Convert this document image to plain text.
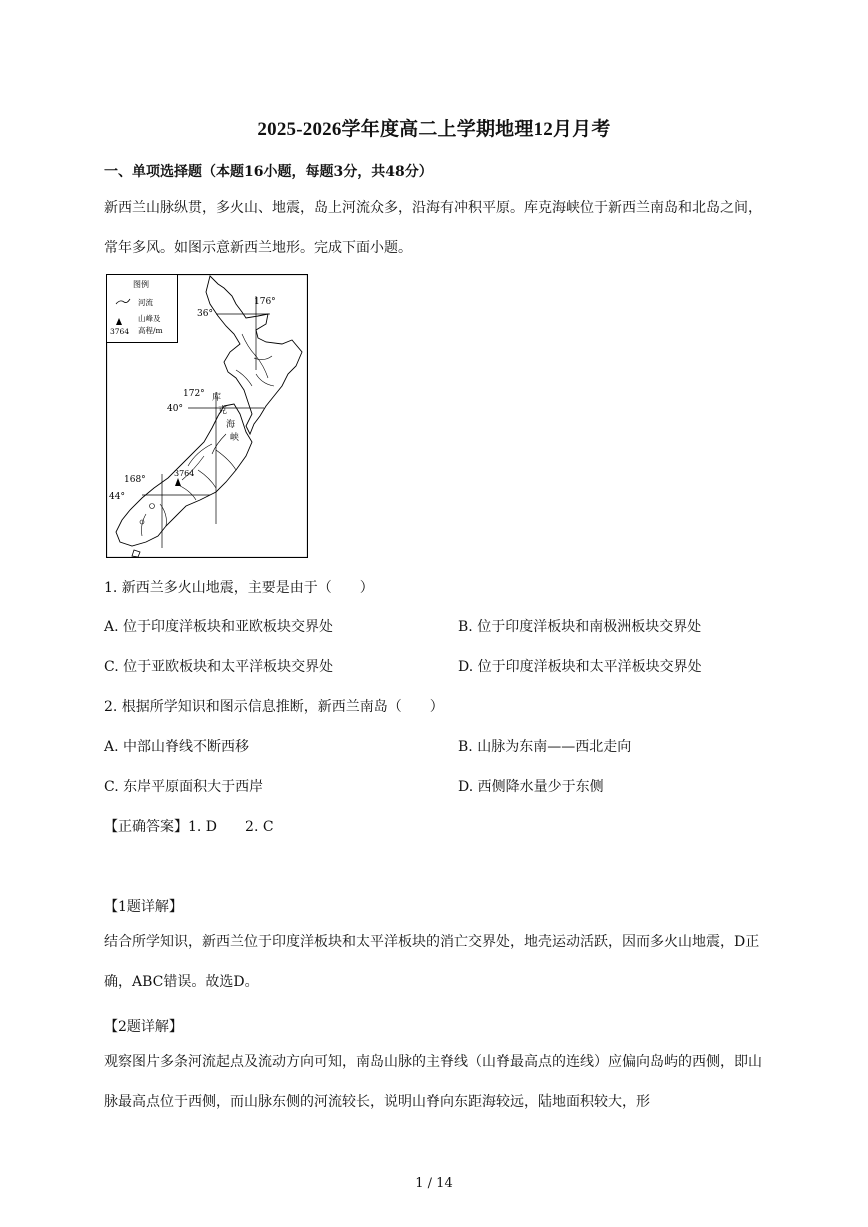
2025-2026学年度高二上学期地理12月月考
一、单项选择题（本题16小题，每题3分，共48分）
新西兰山脉纵贯，多火山、地震，岛上河流众多，沿海有冲积平原。库克海峡位于新西兰南岛和北岛之间，常年多风。如图示意新西兰地形。完成下面小题。
图例
河流
山峰及
3764 高程/m
3764
36°
176°
172°
40°
168°
44°
库
克
海
峡
1. 新西兰多火山地震，主要是由于（　　）
A. 位于印度洋板块和亚欧板块交界处	B. 位于印度洋板块和南极洲板块交界处
C. 位于亚欧板块和太平洋板块交界处	D. 位于印度洋板块和太平洋板块交界处
2. 根据所学知识和图示信息推断，新西兰南岛（　　）
A. 中部山脊线不断西移	B. 山脉为东南——西北走向
C. 东岸平原面积大于西岸	D. 西侧降水量少于东侧
【正确答案】1. D　　2. C
【1题详解】
结合所学知识，新西兰位于印度洋板块和太平洋板块的消亡交界处，地壳运动活跃，因而多火山地震，D正确，ABC错误。故选D。
【2题详解】
观察图片多条河流起点及流动方向可知，南岛山脉的主脊线（山脊最高点的连线）应偏向岛屿的西侧，即山脉最高点位于西侧，而山脉东侧的河流较长，说明山脊向东距海较远，陆地面积较大，形
1 / 14
